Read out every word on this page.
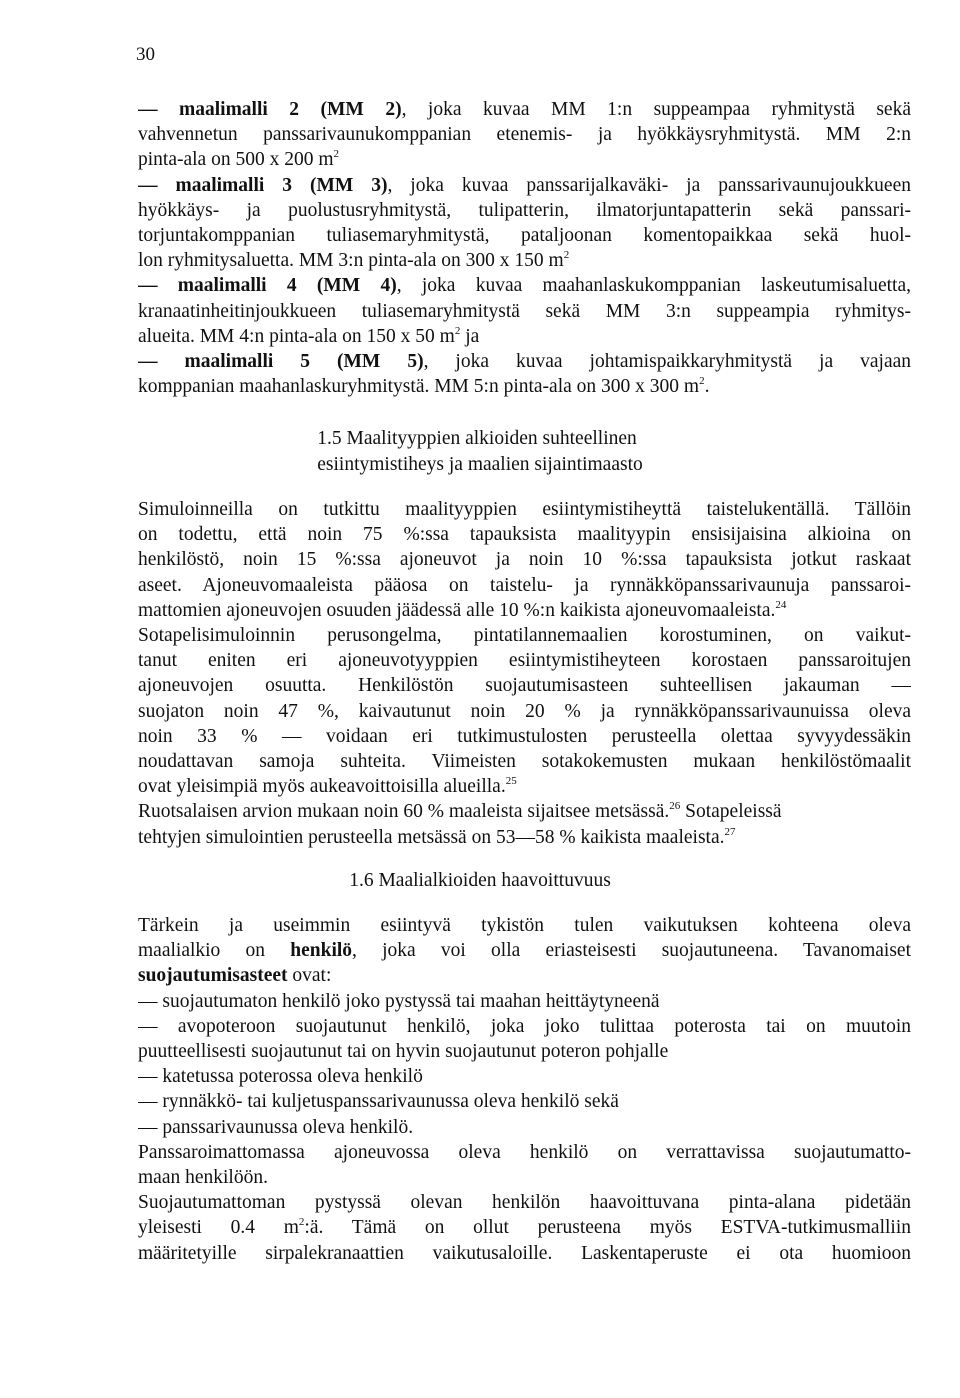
30
— maalimalli 2 (MM 2), joka kuvaa MM 1:n suppeampaa ryhmitystä sekä
vahvennetun panssarivaunukomppanian etenemis- ja hyökkäysryhmitystä. MM 2:n
pinta-ala on 500 x 200 $m^2$
— maalimalli 3 (MM 3), joka kuvaa panssarijalkaväki- ja panssarivaunujoukkueen
hyökkäys- ja puolustusryhmitystä, tulipatterin, ilmatorjuntapatterin sekä panssari-
torjuntakomppanian tuliasemaryhmitystä, pataljoonan komentopaikkaa sekä huol-
lon ryhmitysaluetta. MM 3:n pinta-ala on 300 x 150 $m^2$
— maalimalli 4 (MM 4), joka kuvaa maahanlaskukomppanian laskeutumisaluetta,
kranaatinheitinjoukkueen tuliasemaryhmitystä sekä MM 3:n suppeampia ryhmitys-
alueita. MM 4:n pinta-ala on 150 x 50 $m^2$ ja
— maalimalli 5 (MM 5), joka kuvaa johtamispaikkaryhmitystä ja vajaan
komppanian maahanlaskuryhmitystä. MM 5:n pinta-ala on 300 x 300 $m^2$.
1.5 Maalityyppien alkioiden suhteellinen
esiintymistiheys ja maalien sijaintimaasto
Simuloinneilla on tutkittu maalityyppien esiintymistiheyttä taistelukentällä. Tällöin
on todettu, että noin 75 %:ssa tapauksista maalityypin ensisijaisina alkioina on
henkilöstö, noin 15 %:ssa ajoneuvot ja noin 10 %:ssa tapauksista jotkut raskaat
aseet. Ajoneuvomaaleista pääosa on taistelu- ja rynnäkköpanssarivaunuja panssaroi-
mattomien ajoneuvojen osuuden jäädessä alle 10 %:n kaikista ajoneuvomaaleista.$^{24}$
Sotapelisimuloinnin perusongelma, pintatilannemaalien korostuminen, on vaikut-
tanut eniten eri ajoneuvotyyppien esiintymistiheyteen korostaen panssaroitujen
ajoneuvojen osuutta. Henkilöstön suojautumisasteen suhteellisen jakauman —
suojaton noin 47 %, kaivautunut noin 20 % ja rynnäkköpanssarivaunuissa oleva
noin 33 % — voidaan eri tutkimustulosten perusteella olettaa syvyydessäkin
noudattavan samoja suhteita. Viimeisten sotakokemusten mukaan henkilöstömaalit
ovat yleisimpiä myös aukeavoittoisilla alueilla.$^{25}$
Ruotsalaisen arvion mukaan noin 60 % maaleista sijaitsee metsässä.$^{26}$ Sotapeleissä
tehtyjen simulointien perusteella metsässä on 53—58 % kaikista maaleista.$^{27}$
1.6 Maalialkioiden haavoittuvuus
Tärkein ja useimmin esiintyvä tykistön tulen vaikutuksen kohteena oleva
maalialkio on henkilö, joka voi olla eriasteisesti suojautuneena. Tavanomaiset
suojautumisasteet ovat:
— suojautumaton henkilö joko pystyssä tai maahan heittäytyneenä
— avopoteroon suojautunut henkilö, joka joko tulittaa poterosta tai on muutoin
puutteellisesti suojautunut tai on hyvin suojautunut poteron pohjalle
— katetussa poterossa oleva henkilö
— rynnäkkö- tai kuljetuspanssarivaunussa oleva henkilö sekä
— panssarivaunussa oleva henkilö.
Panssaroimattomassa ajoneuvossa oleva henkilö on verrattavissa suojautumatto-
maan henkilöön.
Suojautumattoman pystyssä olevan henkilön haavoittuvana pinta-alana pidetään
yleisesti 0.4 $m^2:ä$. Tämä on ollut perusteena myös ESTVA-tutkimusmalliin
määritetyille sirpalekranaattien vaikutusaloille. Laskentaperuste ei ota huomioon
